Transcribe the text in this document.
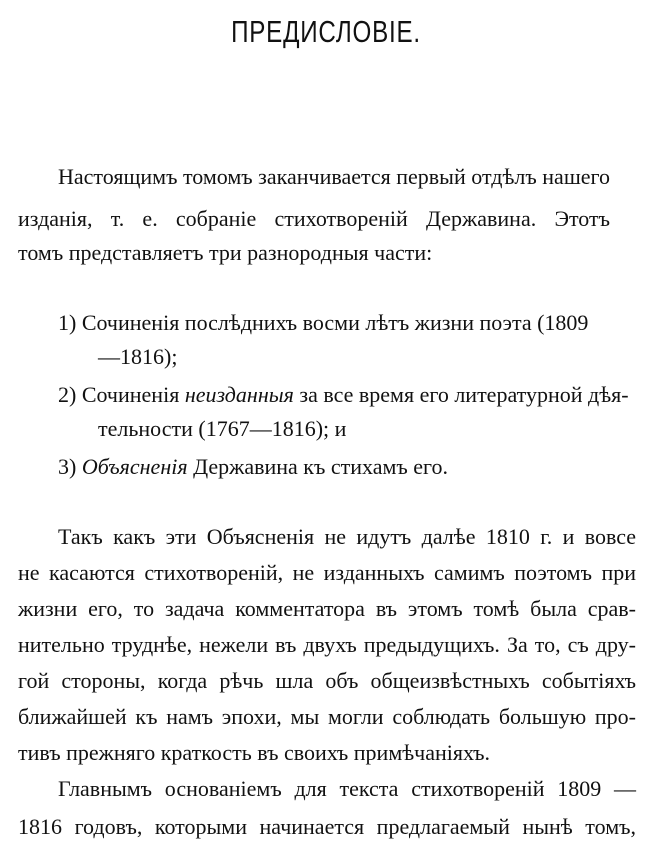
ПРЕДИСЛОВІЕ.
Настоящимъ томомъ заканчивается первый отдѣлъ нашего
изданія, т. е. собраніе стихотвореній Державина. Этотъ
томъ представляетъ три разнородныя части:
1) Сочиненія послѣднихъ восми лѣтъ жизни поэта (1809
—1816);
2) Сочиненія неизданныя за все время его литературной дѣя-
тельности (1767—1816); и
3) Объясненія Державина къ стихамъ его.
Такъ какъ эти Объясненія не идутъ далѣе 1810 г. и вовсе
не касаются стихотвореній, не изданныхъ самимъ поэтомъ при
жизни его, то задача комментатора въ этомъ томѣ была срав-
нительно труднѣе, нежели въ двухъ предыдущихъ. За то, съ дру-
гой стороны, когда рѣчь шла объ общеизвѣстныхъ событіяхъ
ближайшей къ намъ эпохи, мы могли соблюдать большую про-
тивъ прежняго краткость въ своихъ примѣчаніяхъ.
Главнымъ основаніемъ для текста стихотвореній 1809 —
1816 годовъ, которыми начинается предлагаемый нынѣ томъ,
